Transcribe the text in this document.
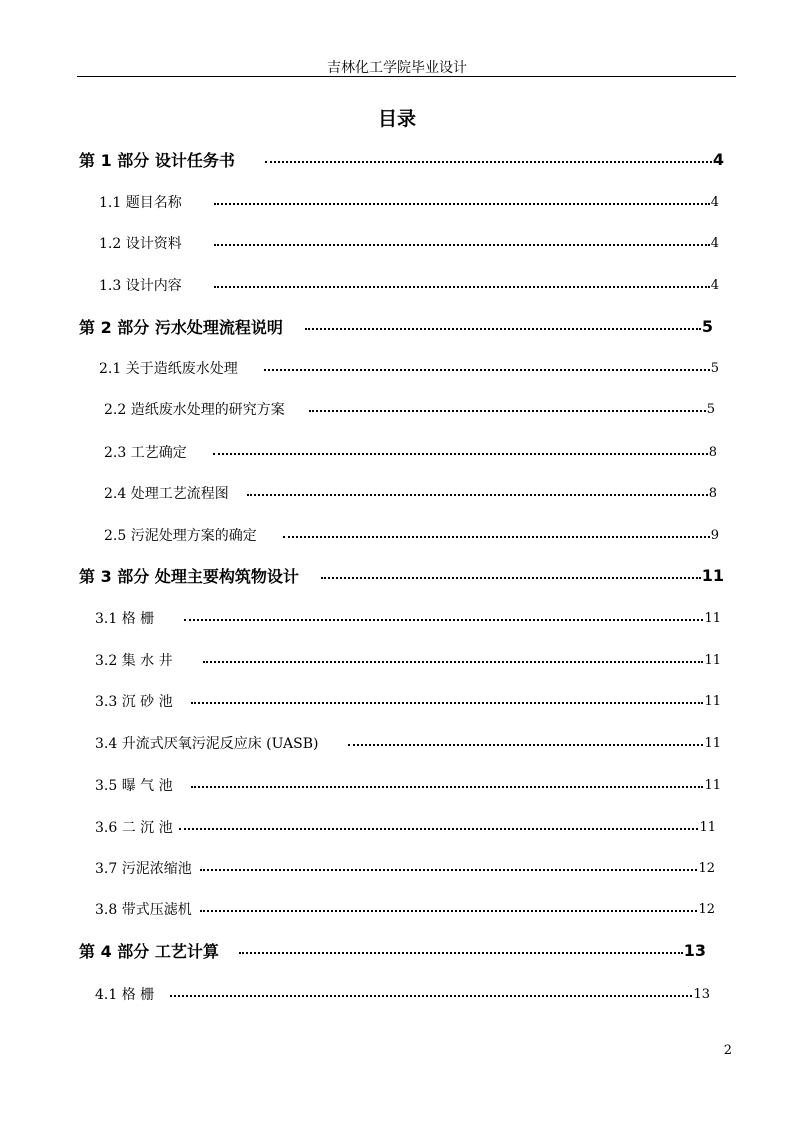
吉林化工学院毕业设计
目录
第 1 部分 设计任务书	4
1.1 题目名称	4
1.2 设计资料	4
1.3 设计内容	4
第 2 部分 污水处理流程说明	5
2.1 关于造纸废水处理	5
2.2 造纸废水处理的研究方案	5
2.3 工艺确定	8
2.4 处理工艺流程图	8
2.5 污泥处理方案的确定	9
第 3 部分 处理主要构筑物设计	11
3.1 格 栅	11
3.2 集 水 井	11
3.3 沉 砂 池	11
3.4 升流式厌氧污泥反应床 (UASB)	11
3.5 曝 气 池	11
3.6 二 沉 池	11
3.7 污泥浓缩池	12
3.8 带式压滤机	12
第 4 部分 工艺计算	13
4.1 格 栅	13
2
